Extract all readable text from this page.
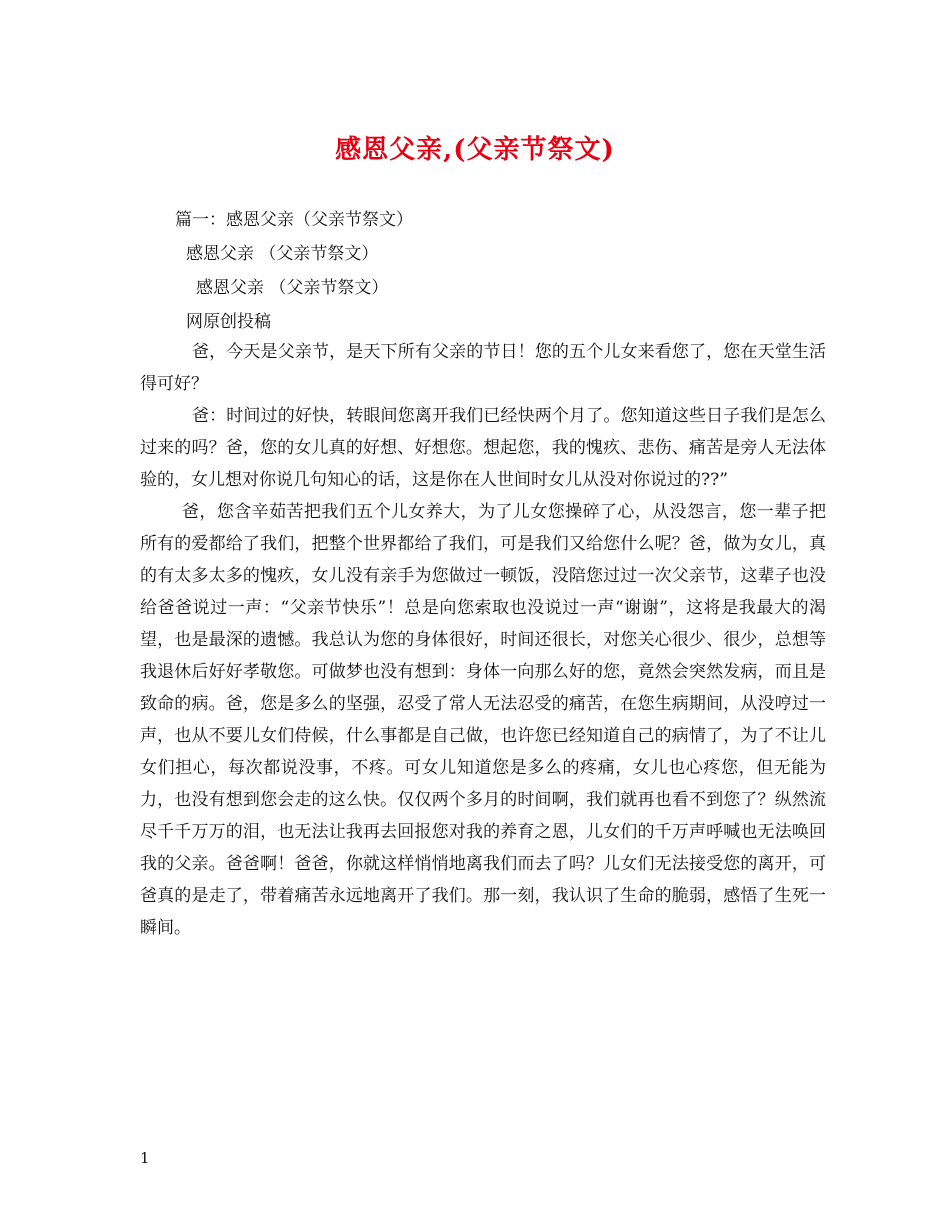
感恩父亲,(父亲节祭文)
篇一：感恩父亲（父亲节祭文）
感恩父亲 （父亲节祭文）
感恩父亲 （父亲节祭文）
网原创投稿

爸，今天是父亲节，是天下所有父亲的节日！您的五个儿女来看您了，您在天堂生活得可好？

爸：时间过的好快，转眼间您离开我们已经快两个月了。您知道这些日子我们是怎么过来的吗？爸，您的女儿真的好想、好想您。想起您，我的愧疚、悲伤、痛苦是旁人无法体验的，女儿想对你说几句知心的话，这是你在人世间时女儿从没对你说过的??”

爸，您含辛茹苦把我们五个儿女养大，为了儿女您操碎了心，从没怨言，您一辈子把所有的爱都给了我们，把整个世界都给了我们，可是我们又给您什么呢？爸，做为女儿，真的有太多太多的愧疚，女儿没有亲手为您做过一顿饭，没陪您过过一次父亲节，这辈子也没给爸爸说过一声：“父亲节快乐”！总是向您索取也没说过一声“谢谢”，这将是我最大的渴望，也是最深的遗憾。我总认为您的身体很好，时间还很长，对您关心很少、很少，总想等我退休后好好孝敬您。可做梦也没有想到：身体一向那么好的您，竟然会突然发病，而且是致命的病。爸，您是多么的坚强，忍受了常人无法忍受的痛苦，在您生病期间，从没哼过一声，也从不要儿女们侍候，什么事都是自己做，也许您已经知道自己的病情了，为了不让儿女们担心，每次都说没事，不疼。可女儿知道您是多么的疼痛，女儿也心疼您，但无能为力，也没有想到您会走的这么快。仅仅两个多月的时间啊，我们就再也看不到您了？纵然流尽千千万万的泪，也无法让我再去回报您对我的养育之恩，儿女们的千万声呼喊也无法唤回我的父亲。爸爸啊！爸爸，你就这样悄悄地离我们而去了吗？儿女们无法接受您的离开，可爸真的是走了，带着痛苦永远地离开了我们。那一刻，我认识了生命的脆弱，感悟了生死一瞬间。

1
